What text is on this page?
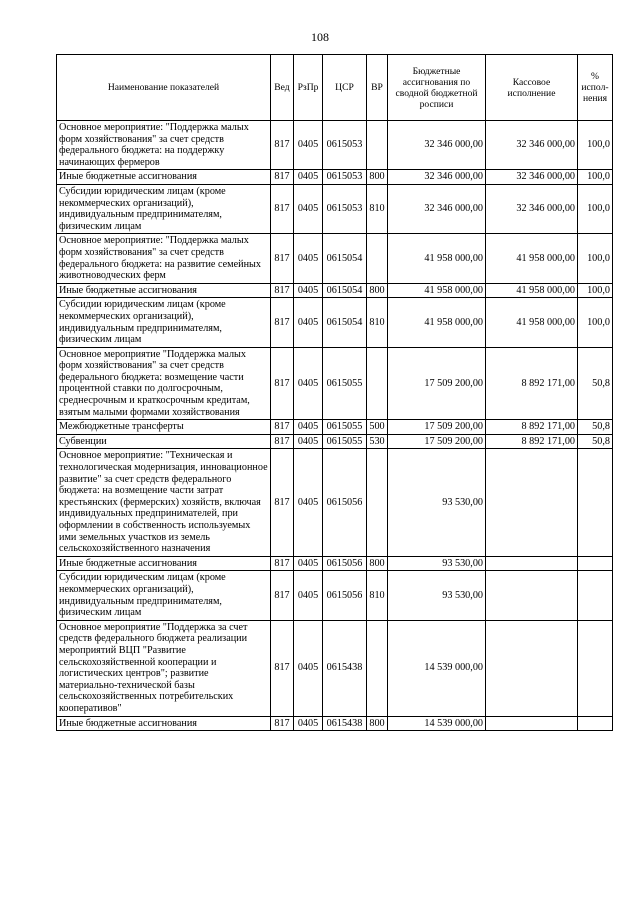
108
Наименование показателей	Вед	РзПр	ЦСР	ВР	Бюджетные ассигнования по сводной бюджетной росписи	Кассовое исполнение	% испол-нения
Основное мероприятие: "Поддержка малых форм хозяйствования" за счет средств федерального бюджета: на поддержку начинающих фермеров	817	0405	0615053		32 346 000,00	32 346 000,00	100,0
Иные бюджетные ассигнования	817	0405	0615053	800	32 346 000,00	32 346 000,00	100,0
Субсидии юридическим лицам (кроме некоммерческих организаций), индивидуальным предпринимателям, физическим лицам	817	0405	0615053	810	32 346 000,00	32 346 000,00	100,0
Основное мероприятие: "Поддержка малых форм хозяйствования" за счет средств федерального бюджета: на развитие семейных животноводческих ферм	817	0405	0615054		41 958 000,00	41 958 000,00	100,0
Иные бюджетные ассигнования	817	0405	0615054	800	41 958 000,00	41 958 000,00	100,0
Субсидии юридическим лицам (кроме некоммерческих организаций), индивидуальным предпринимателям, физическим лицам	817	0405	0615054	810	41 958 000,00	41 958 000,00	100,0
Основное мероприятие "Поддержка малых форм хозяйствования" за счет средств федерального бюджета: возмещение части процентной ставки по долгосрочным, среднесрочным и краткосрочным кредитам, взятым малыми формами хозяйствования	817	0405	0615055		17 509 200,00	8 892 171,00	50,8
Межбюджетные трансферты	817	0405	0615055	500	17 509 200,00	8 892 171,00	50,8
Субвенции	817	0405	0615055	530	17 509 200,00	8 892 171,00	50,8
Основное мероприятие: "Техническая и технологическая модернизация, инновационное развитие" за счет средств федерального бюджета: на возмещение части затрат крестьянских (фермерских) хозяйств, включая индивидуальных предпринимателей, при оформлении в собственность используемых ими земельных участков из земель сельскохозяйственного назначения	817	0405	0615056		93 530,00		
Иные бюджетные ассигнования	817	0405	0615056	800	93 530,00		
Субсидии юридическим лицам (кроме некоммерческих организаций), индивидуальным предпринимателям, физическим лицам	817	0405	0615056	810	93 530,00		
Основное мероприятие "Поддержка за счет средств федерального бюджета реализации мероприятий ВЦП "Развитие сельскохозяйственной кооперации и логистических центров"; развитие материально-технической базы сельскохозяйственных потребительских кооперативов"	817	0405	0615438		14 539 000,00		
Иные бюджетные ассигнования	817	0405	0615438	800	14 539 000,00		
